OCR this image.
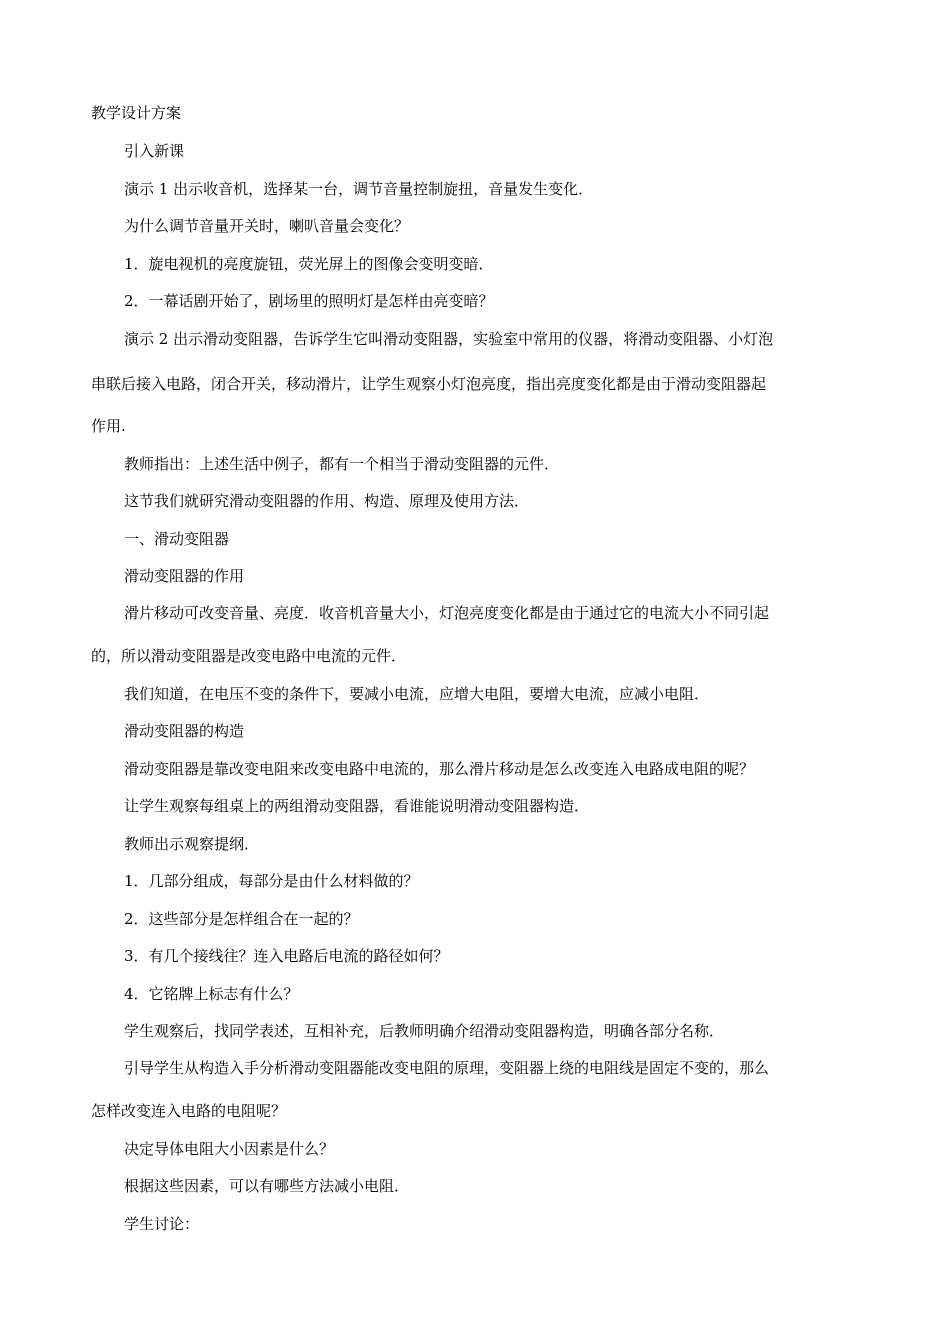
教学设计方案
引入新课
演示 1 出示收音机，选择某一台，调节音量控制旋扭，音量发生变化．
为什么调节音量开关时，喇叭音量会变化？
1．旋电视机的亮度旋钮，荧光屏上的图像会变明变暗．
2．一幕话剧开始了，剧场里的照明灯是怎样由亮变暗？
演示 2 出示滑动变阻器，告诉学生它叫滑动变阻器，实验室中常用的仪器，将滑动变阻器、小灯泡
串联后接入电路，闭合开关，移动滑片，让学生观察小灯泡亮度，指出亮度变化都是由于滑动变阻器起
作用.
教师指出：上述生活中例子，都有一个相当于滑动变阻器的元件．
这节我们就研究滑动变阻器的作用、构造、原理及使用方法．
一、滑动变阻器
滑动变阻器的作用
滑片移动可改变音量、亮度．收音机音量大小，灯泡亮度变化都是由于通过它的电流大小不同引起
的，所以滑动变阻器是改变电路中电流的元件．
我们知道，在电压不变的条件下，要减小电流，应增大电阻，要增大电流，应减小电阻．
滑动变阻器的构造
滑动变阻器是靠改变电阻来改变电路中电流的，那么滑片移动是怎么改变连入电路成电阻的呢？
让学生观察每组桌上的两组滑动变阻器，看谁能说明滑动变阻器构造．
教师出示观察提纲．
1．几部分组成，每部分是由什么材料做的？
2．这些部分是怎样组合在一起的？
3．有几个接线往？连入电路后电流的路径如何？
4．它铭牌上标志有什么？
学生观察后，找同学表述，互相补充，后教师明确介绍滑动变阻器构造，明确各部分名称．
引导学生从构造入手分析滑动变阻器能改变电阻的原理，变阻器上绕的电阻线是固定不变的，那么
怎样改变连入电路的电阻呢？
决定导体电阻大小因素是什么？
根据这些因素，可以有哪些方法减小电阻．
学生讨论：
